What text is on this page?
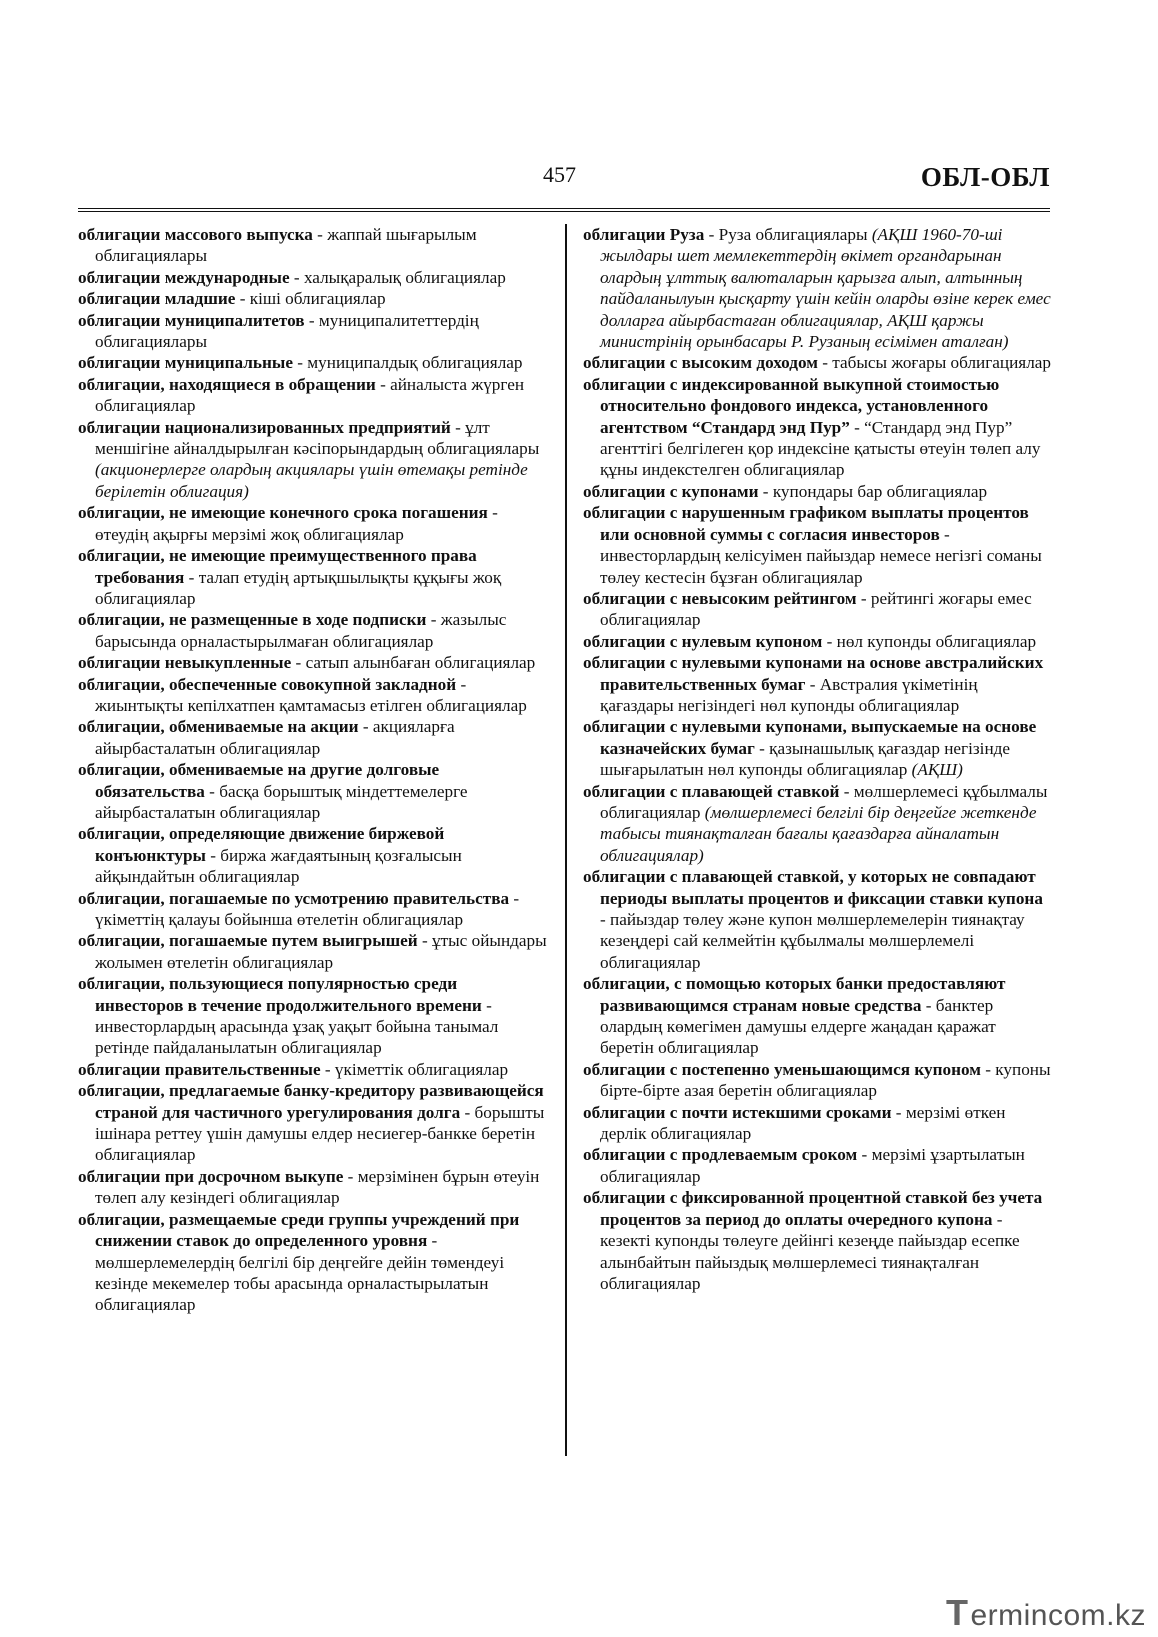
457	ОБЛ-ОБЛ

облигации массового выпуска - жаппай шығарылым облигациялары

облигации международные - халықаралық облигациялар

облигации младшие - кіші облигациялар

облигации муниципалитетов - муниципалитеттердің облигациялары

облигации муниципальные - муниципалдық облигациялар

облигации, находящиеся в обращении - айналыста жүрген облигациялар

облигации национализированных предприятий - ұлт меншігіне айналдырылған кәсіпорындардың облигациялары (акционерлерге олардың акциялары үшін өтемақы ретінде берілетін облигация)

облигации, не имеющие конечного срока погашения - өтеудің ақырғы мерзімі жоқ облигациялар

облигации, не имеющие преимущественного права требования - талап етудің артықшылықты құқығы жоқ облигациялар

облигации, не размещенные в ходе подписки - жазылыс барысында орналастырылмаған облигациялар

облигации невыкупленные - сатып алынбаған облигациялар

облигации, обеспеченные совокупной закладной - жиынтықты кепілхатпен қамтамасыз етілген облигациялар

облигации, обмениваемые на акции - акцияларға айырбасталатын облигациялар

облигации, обмениваемые на другие долговые обязательства - басқа борыштық міндеттемелерге айырбасталатын облигациялар

облигации, определяющие движение биржевой конъюнктуры - биржа жағдаятының қозғалысын айқындайтын облигациялар

облигации, погашаемые по усмотрению правительства - үкіметтің қалауы бойынша өтелетін облигациялар

облигации, погашаемые путем выигрышей - ұтыс ойындары жолымен өтелетін облигациялар

облигации, пользующиеся популярностью среди инвесторов в течение продолжительного времени - инвесторлардың арасында ұзақ уақыт бойына танымал ретінде пайдаланылатын облигациялар

облигации правительственные - үкіметтік облигациялар

облигации, предлагаемые банку-кредитору развивающейся страной для частичного урегулирования долга - борышты ішінара реттеу үшін дамушы елдер несиегер-банкке беретін облигациялар

облигации при досрочном выкупе - мерзімінен бұрын өтеуін төлеп алу кезіндегі облигациялар

облигации, размещаемые среди группы учреждений при снижении ставок до определенного уровня - мөлшерлемелердің белгілі бір деңгейге дейін төмендеуі кезінде мекемелер тобы арасында орналастырылатын облигациялар

облигации Руза - Руза облигациялары (АҚШ 1960-70-ші жылдары шет мемлекеттердің өкімет органдарынан олардың ұлттық валюталарын қарызға алып, алтынның пайдаланылуын қысқарту үшін кейін оларды өзіне керек емес долларға айырбастаған облигациялар, АҚШ қаржы министрінің орынбасары Р. Рузаның есімімен аталған)

облигации с высоким доходом - табысы жоғары облигациялар

облигации с индексированной выкупной стоимостью относительно фондового индекса, установленного агентством “Стандард энд Пур” - “Стандард энд Пур” агенттігі белгілеген қор индексіне қатысты өтеуін төлеп алу құны индекстелген облигациялар

облигации с купонами - купондары бар облигациялар

облигации с нарушенным графиком выплаты процентов или основной суммы с согласия инвесторов - инвесторлардың келісуімен пайыздар немесе негізгі соманы төлеу кестесін бұзған облигациялар

облигации с невысоким рейтингом - рейтингі жоғары емес облигациялар

облигации с нулевым купоном - нөл купонды облигациялар

облигации с нулевыми купонами на основе австралийских правительственных бумаг - Австралия үкіметінің қағаздары негізіндегі нөл купонды облигациялар

облигации с нулевыми купонами, выпускаемые на основе казначейских бумаг - қазынашылық қағаздар негізінде шығарылатын нөл купонды облигациялар (АҚШ)

облигации с плавающей ставкой - мөлшерлемесі құбылмалы облигациялар (мөлшерлемесі белгілі бір деңгейге жеткенде табысы тиянақталған бағалы қағаздарға айналатын облигациялар)

облигации с плавающей ставкой, у которых не совпадают периоды выплаты процентов и фиксации ставки купона - пайыздар төлеу және купон мөлшерлемелерін тиянақтау кезеңдері сай келмейтін құбылмалы мөлшерлемелі облигациялар

облигации, с помощью которых банки предоставляют развивающимся странам новые средства - банктер олардың көмегімен дамушы елдерге жаңадан қаражат беретін облигациялар

облигации с постепенно уменьшающимся купоном - купоны бірте-бірте азая беретін облигациялар

облигации с почти истекшими сроками - мерзімі өткен дерлік облигациялар

облигации с продлеваемым сроком - мерзімі ұзартылатын облигациялар

облигации с фиксированной процентной ставкой без учета процентов за период до оплаты очередного купона - кезекті купонды төлеуге дейінгі кезеңде пайыздар есепке алынбайтын пайыздық мөлшерлемесі тиянақталған облигациялар

Termincom.kz
